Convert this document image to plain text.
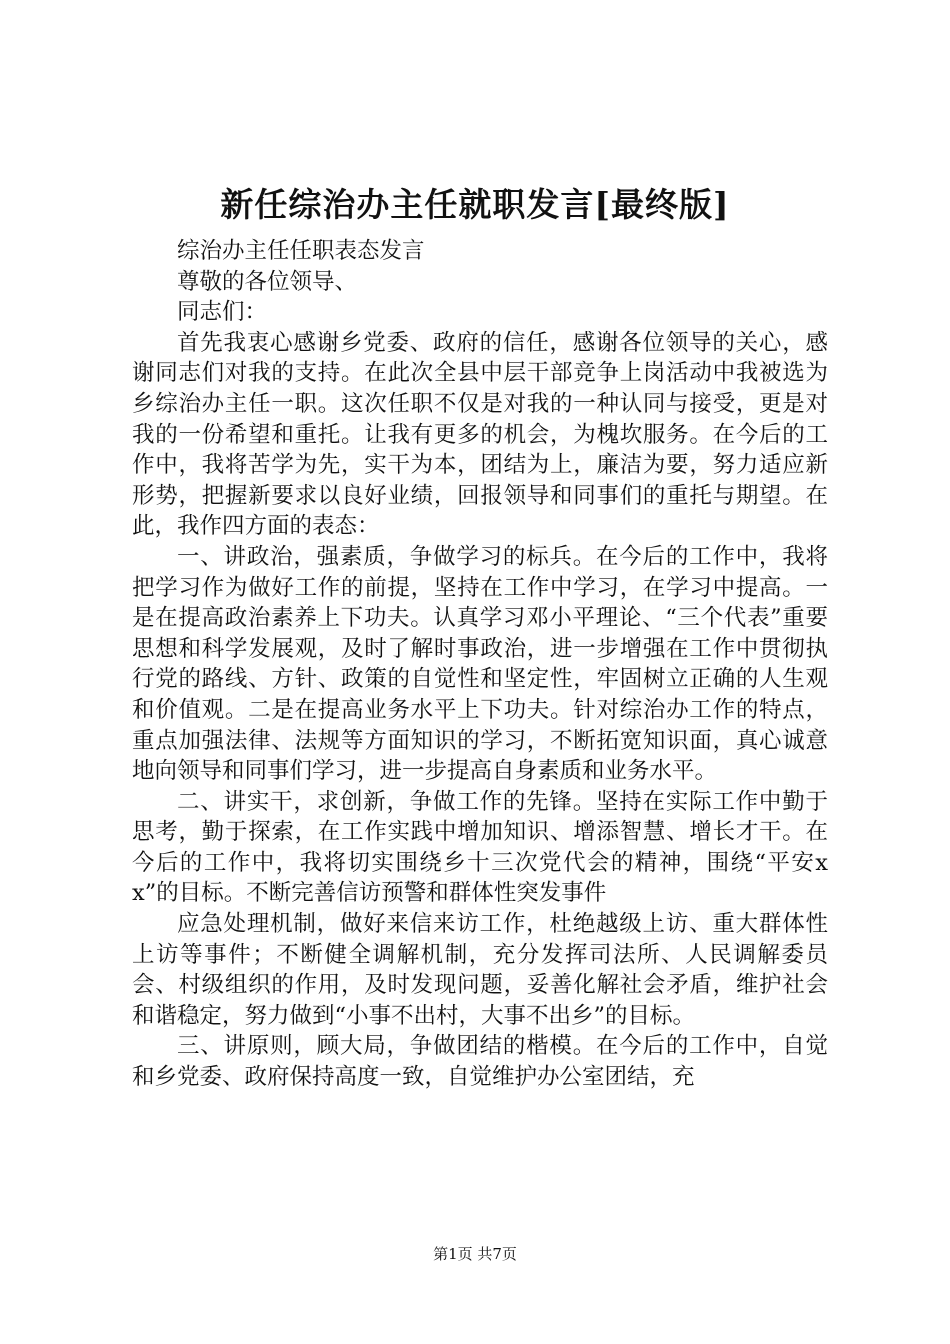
新任综治办主任就职发言[最终版]

综治办主任任职表态发言

尊敬的各位领导、

同志们：

首先我衷心感谢乡党委、政府的信任，感谢各位领导的关心，感谢同志们对我的支持。在此次全县中层干部竞争上岗活动中我被选为乡综治办主任一职。这次任职不仅是对我的一种认同与接受，更是对我的一份希望和重托。让我有更多的机会，为槐坎服务。在今后的工作中，我将苦学为先，实干为本，团结为上，廉洁为要，努力适应新形势，把握新要求以良好业绩，回报领导和同事们的重托与期望。在此，我作四方面的表态：

一、讲政治，强素质，争做学习的标兵。在今后的工作中，我将把学习作为做好工作的前提，坚持在工作中学习，在学习中提高。一是在提高政治素养上下功夫。认真学习邓小平理论、“三个代表”重要思想和科学发展观，及时了解时事政治，进一步增强在工作中贯彻执行党的路线、方针、政策的自觉性和坚定性，牢固树立正确的人生观和价值观。二是在提高业务水平上下功夫。针对综治办工作的特点，重点加强法律、法规等方面知识的学习，不断拓宽知识面，真心诚意地向领导和同事们学习，进一步提高自身素质和业务水平。

二、讲实干，求创新，争做工作的先锋。坚持在实际工作中勤于思考，勤于探索，在工作实践中增加知识、增添智慧、增长才干。在今后的工作中，我将切实围绕乡十三次党代会的精神，围绕“平安xx”的目标。不断完善信访预警和群体性突发事件

应急处理机制，做好来信来访工作，杜绝越级上访、重大群体性上访等事件；不断健全调解机制，充分发挥司法所、人民调解委员会、村级组织的作用，及时发现问题，妥善化解社会矛盾，维护社会和谐稳定，努力做到“小事不出村，大事不出乡”的目标。

三、讲原则，顾大局，争做团结的楷模。在今后的工作中，自觉和乡党委、政府保持高度一致，自觉维护办公室团结，充

第1页 共7页
